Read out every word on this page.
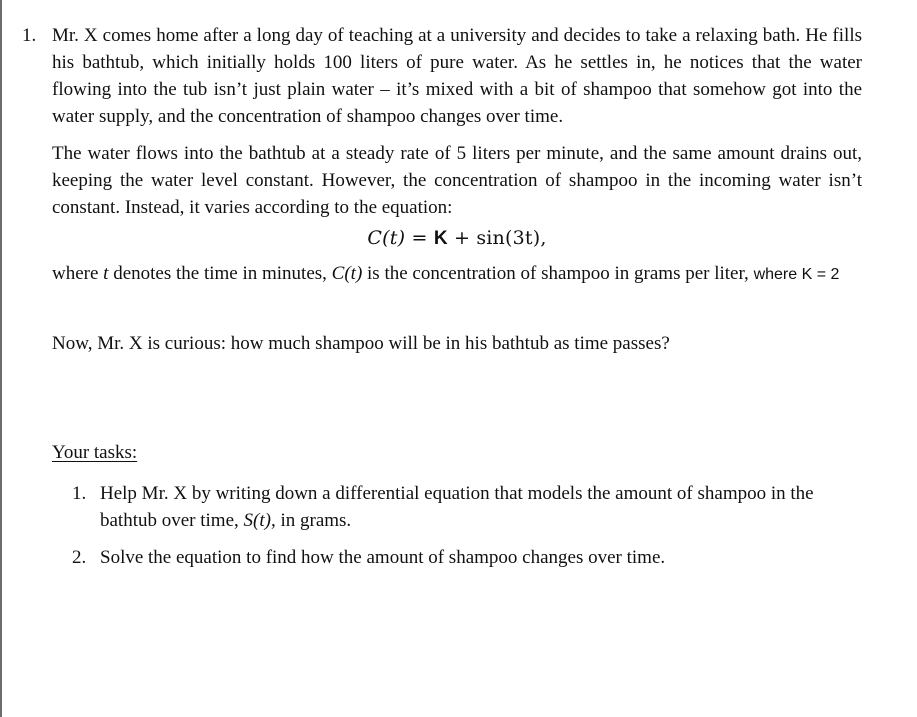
1. Mr. X comes home after a long day of teaching at a university and decides to take a relaxing bath. He fills his bathtub, which initially holds 100 liters of pure water. As he settles in, he notices that the water flowing into the tub isn’t just plain water – it’s mixed with a bit of shampoo that somehow got into the water supply, and the concentration of shampoo changes over time.

The water flows into the bathtub at a steady rate of 5 liters per minute, and the same amount drains out, keeping the water level constant. However, the concentration of shampoo in the incoming water isn’t constant. Instead, it varies according to the equation:

C(t) = K + sin(3t),

where t denotes the time in minutes, C(t) is the concentration of shampoo in grams per liter, where K = 2

Now, Mr. X is curious: how much shampoo will be in his bathtub as time passes?

Your tasks:
1. Help Mr. X by writing down a differential equation that models the amount of shampoo in the bathtub over time, S(t), in grams.
2. Solve the equation to find how the amount of shampoo changes over time.
